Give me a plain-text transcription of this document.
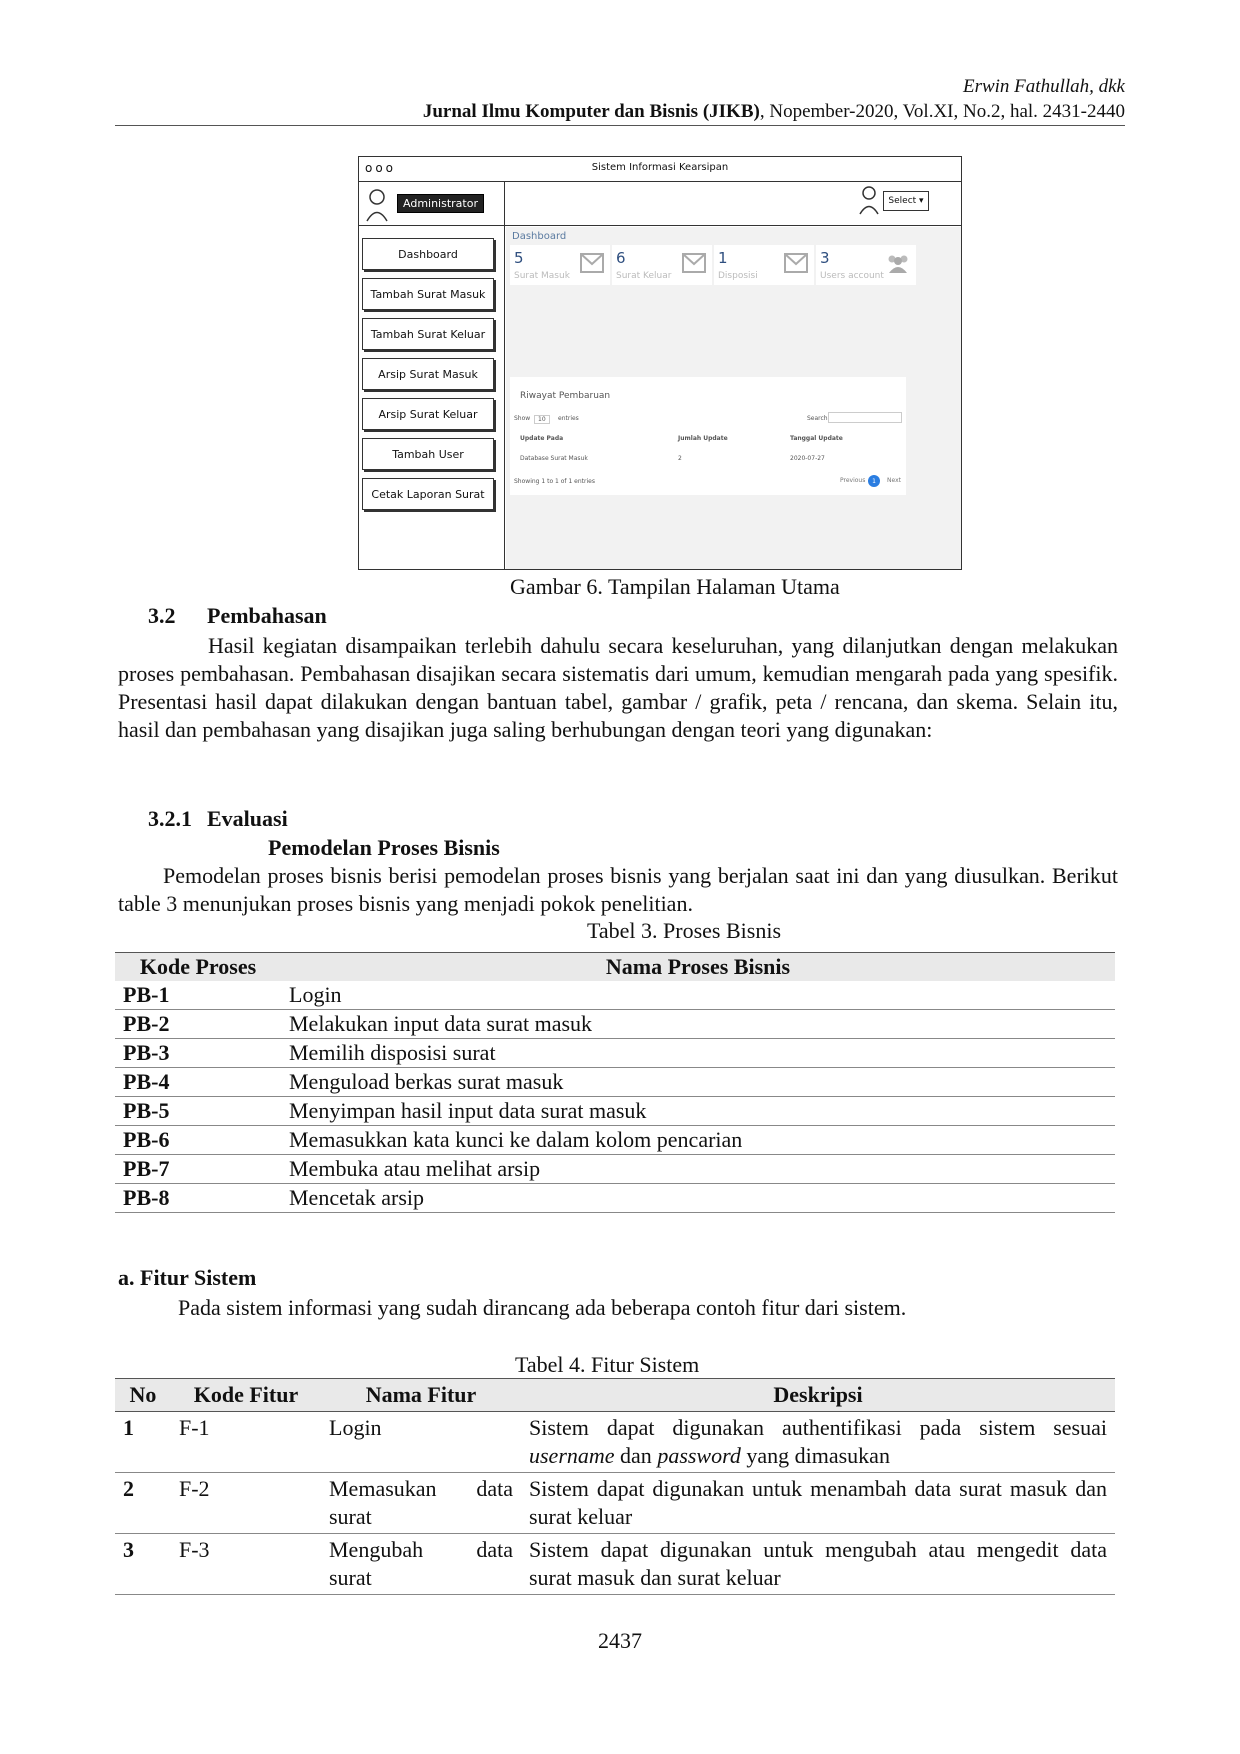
Erwin Fathullah, dkk
Jurnal Ilmu Komputer dan Bisnis (JIKB), Nopember-2020, Vol.XI, No.2, hal. 2431-2440
ooo	Sistem Informasi Kearsipan
Administrator
Dashboard
Tambah Surat Masuk
Tambah Surat Keluar
Arsip Surat Masuk
Arsip Surat Keluar
Tambah User
Cetak Laporan Surat
Select ▾
Dashboard
5
Surat Masuk
6
Surat Keluar
1
Disposisi
3
Users account
Riwayat Pembaruan
Show	10	entries	Search:
Update Pada	Jumlah Update	Tanggal Update
Database Surat Masuk	2	2020-07-27
Showing 1 to 1 of 1 entries	Previous	1	Next
Gambar 6. Tampilan Halaman Utama
3.2 Pembahasan
Hasil kegiatan disampaikan terlebih dahulu secara keseluruhan, yang dilanjutkan dengan melakukan proses pembahasan. Pembahasan disajikan secara sistematis dari umum, kemudian mengarah pada yang spesifik. Presentasi hasil dapat dilakukan dengan bantuan tabel, gambar / grafik, peta / rencana, dan skema. Selain itu, hasil dan pembahasan yang disajikan juga saling berhubungan dengan teori yang digunakan:
3.2.1 Evaluasi
Pemodelan Proses Bisnis
Pemodelan proses bisnis berisi pemodelan proses bisnis yang berjalan saat ini dan yang diusulkan. Berikut table 3 menunjukan proses bisnis yang menjadi pokok penelitian.
Tabel 3. Proses Bisnis
Kode Proses	Nama Proses Bisnis
PB-1	Login
PB-2	Melakukan input data surat masuk
PB-3	Memilih disposisi surat
PB-4	Menguload berkas surat masuk
PB-5	Menyimpan hasil input data surat masuk
PB-6	Memasukkan kata kunci ke dalam kolom pencarian
PB-7	Membuka atau melihat arsip
PB-8	Mencetak arsip
a. Fitur Sistem
Pada sistem informasi yang sudah dirancang ada beberapa contoh fitur dari sistem.
Tabel 4. Fitur Sistem
No	Kode Fitur	Nama Fitur	Deskripsi
1	F-1	Login	Sistem dapat digunakan authentifikasi pada sistem sesuai username dan password yang dimasukan
2	F-2	Memasukan data surat	Sistem dapat digunakan untuk menambah data surat masuk dan surat keluar
3	F-3	Mengubah data surat	Sistem dapat digunakan untuk mengubah atau mengedit data surat masuk dan surat keluar
2437
